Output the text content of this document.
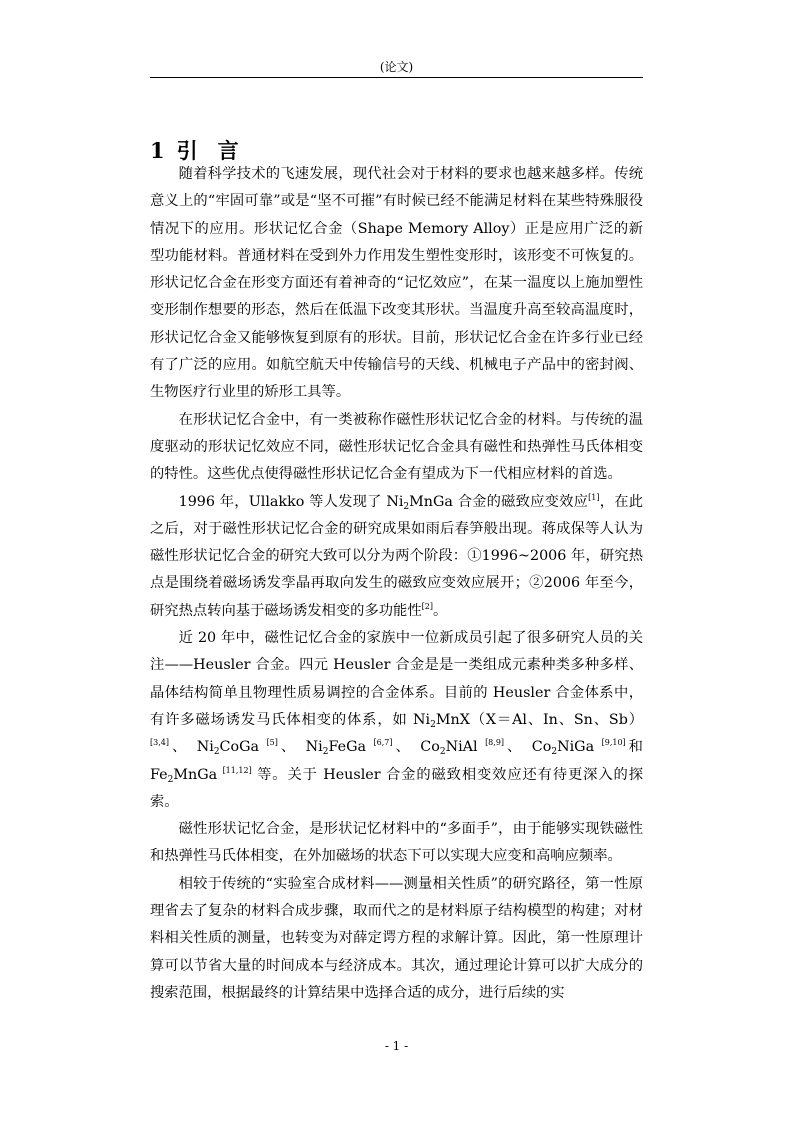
(论文)
1 引言

随着科学技术的飞速发展，现代社会对于材料的要求也越来越多样。传统意义上的“牢固可靠”或是“坚不可摧”有时候已经不能满足材料在某些特殊服役情况下的应用。形状记忆合金（Shape Memory Alloy）正是应用广泛的新型功能材料。普通材料在受到外力作用发生塑性变形时，该形变不可恢复的。形状记忆合金在形变方面还有着神奇的“记忆效应”，在某一温度以上施加塑性变形制作想要的形态，然后在低温下改变其形状。当温度升高至较高温度时，形状记忆合金又能够恢复到原有的形状。目前，形状记忆合金在许多行业已经有了广泛的应用。如航空航天中传输信号的天线、机械电子产品中的密封阀、生物医疗行业里的矫形工具等。

在形状记忆合金中，有一类被称作磁性形状记忆合金的材料。与传统的温度驱动的形状记忆效应不同，磁性形状记忆合金具有磁性和热弹性马氏体相变的特性。这些优点使得磁性形状记忆合金有望成为下一代相应材料的首选。

1996 年，Ullakko 等人发现了 $Ni_2MnGa$ 合金的磁致应变效应[1]，在此之后，对于磁性形状记忆合金的研究成果如雨后春笋般出现。蒋成保等人认为磁性形状记忆合金的研究大致可以分为两个阶段：①1996~2006 年，研究热点是围绕着磁场诱发孪晶再取向发生的磁致应变效应展开；②2006 年至今，研究热点转向基于磁场诱发相变的多功能性[2]。

近 20 年中，磁性记忆合金的家族中一位新成员引起了很多研究人员的关注——Heusler 合金。四元 Heusler 合金是是一类组成元素种类多种多样、晶体结构简单且物理性质易调控的合金体系。目前的 Heusler 合金体系中，有许多磁场诱发马氏体相变的体系，如 $Ni_2MnX(X=Al$、In、Sn、Sb）[3,4]、 $Ni_2CoGa$ [5]、 $Ni_2FeGa$ [6,7]、 $Co_2NiAl$ [8,9]、 $Co_2NiGa$ [9,10]和 $Fe_2MnGa$ [11,12] 等。关于 Heusler 合金的磁致相变效应还有待更深入的探索。

磁性形状记忆合金，是形状记忆材料中的“多面手”，由于能够实现铁磁性和热弹性马氏体相变，在外加磁场的状态下可以实现大应变和高响应频率。

相较于传统的“实验室合成材料——测量相关性质”的研究路径，第一性原理省去了复杂的材料合成步骤，取而代之的是材料原子结构模型的构建；对材料相关性质的测量，也转变为对薛定谔方程的求解计算。因此，第一性原理计算可以节省大量的时间成本与经济成本。其次，通过理论计算可以扩大成分的搜索范围，根据最终的计算结果中选择合适的成分，进行后续的实

- 1 -
